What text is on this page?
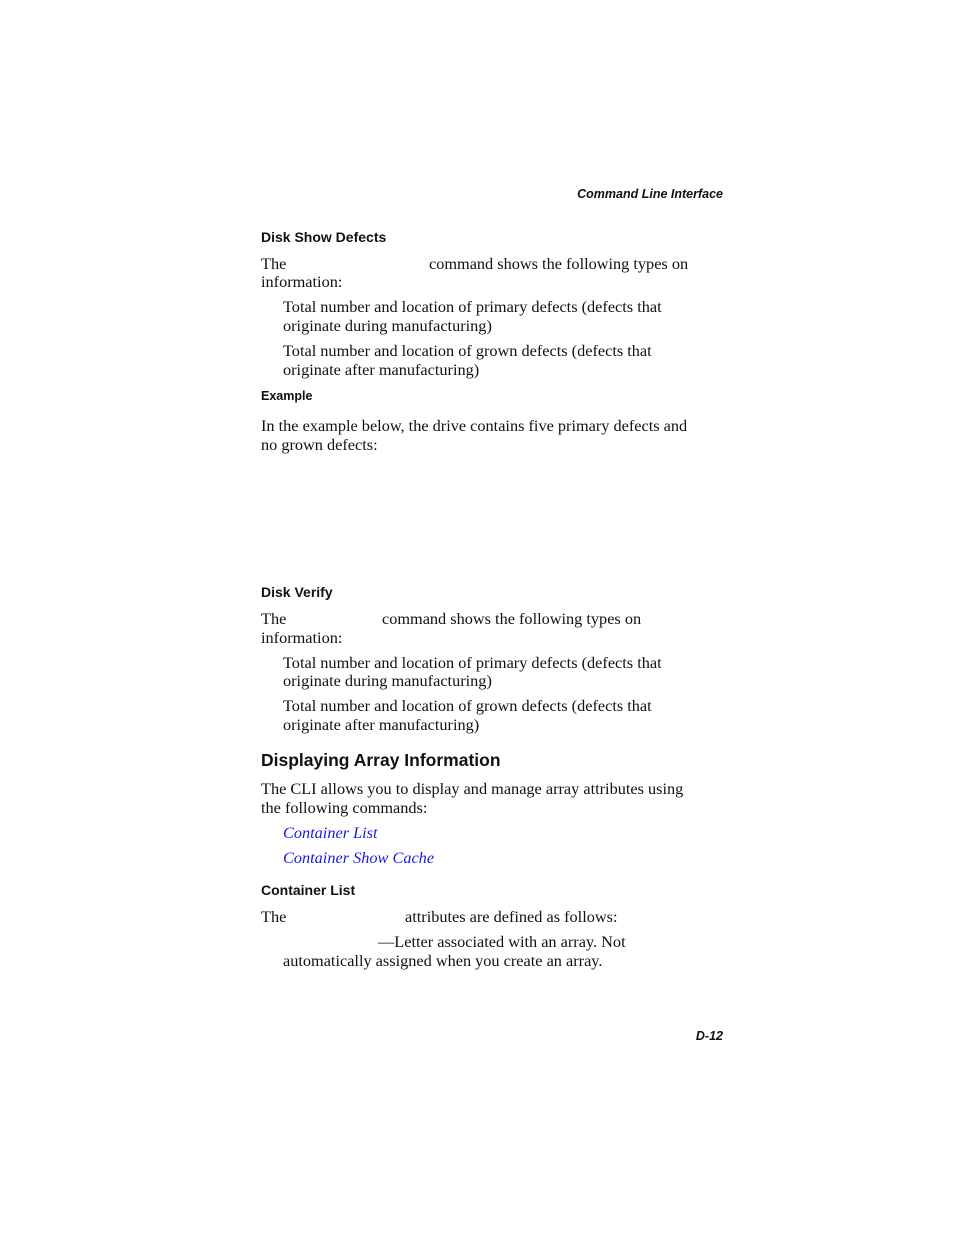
Command Line Interface
Disk Show Defects
The	command shows the following types on
information:
Total number and location of primary defects (defects that
originate during manufacturing)
Total number and location of grown defects (defects that
originate after manufacturing)
Example
In the example below, the drive contains five primary defects and
no grown defects:
Disk Verify
The	command shows the following types on
information:
Total number and location of primary defects (defects that
originate during manufacturing)
Total number and location of grown defects (defects that
originate after manufacturing)
Displaying Array Information
The CLI allows you to display and manage array attributes using
the following commands:
Container List
Container Show Cache
Container List
The	attributes are defined as follows:
—Letter associated with an array. Not
automatically assigned when you create an array.
D-12
